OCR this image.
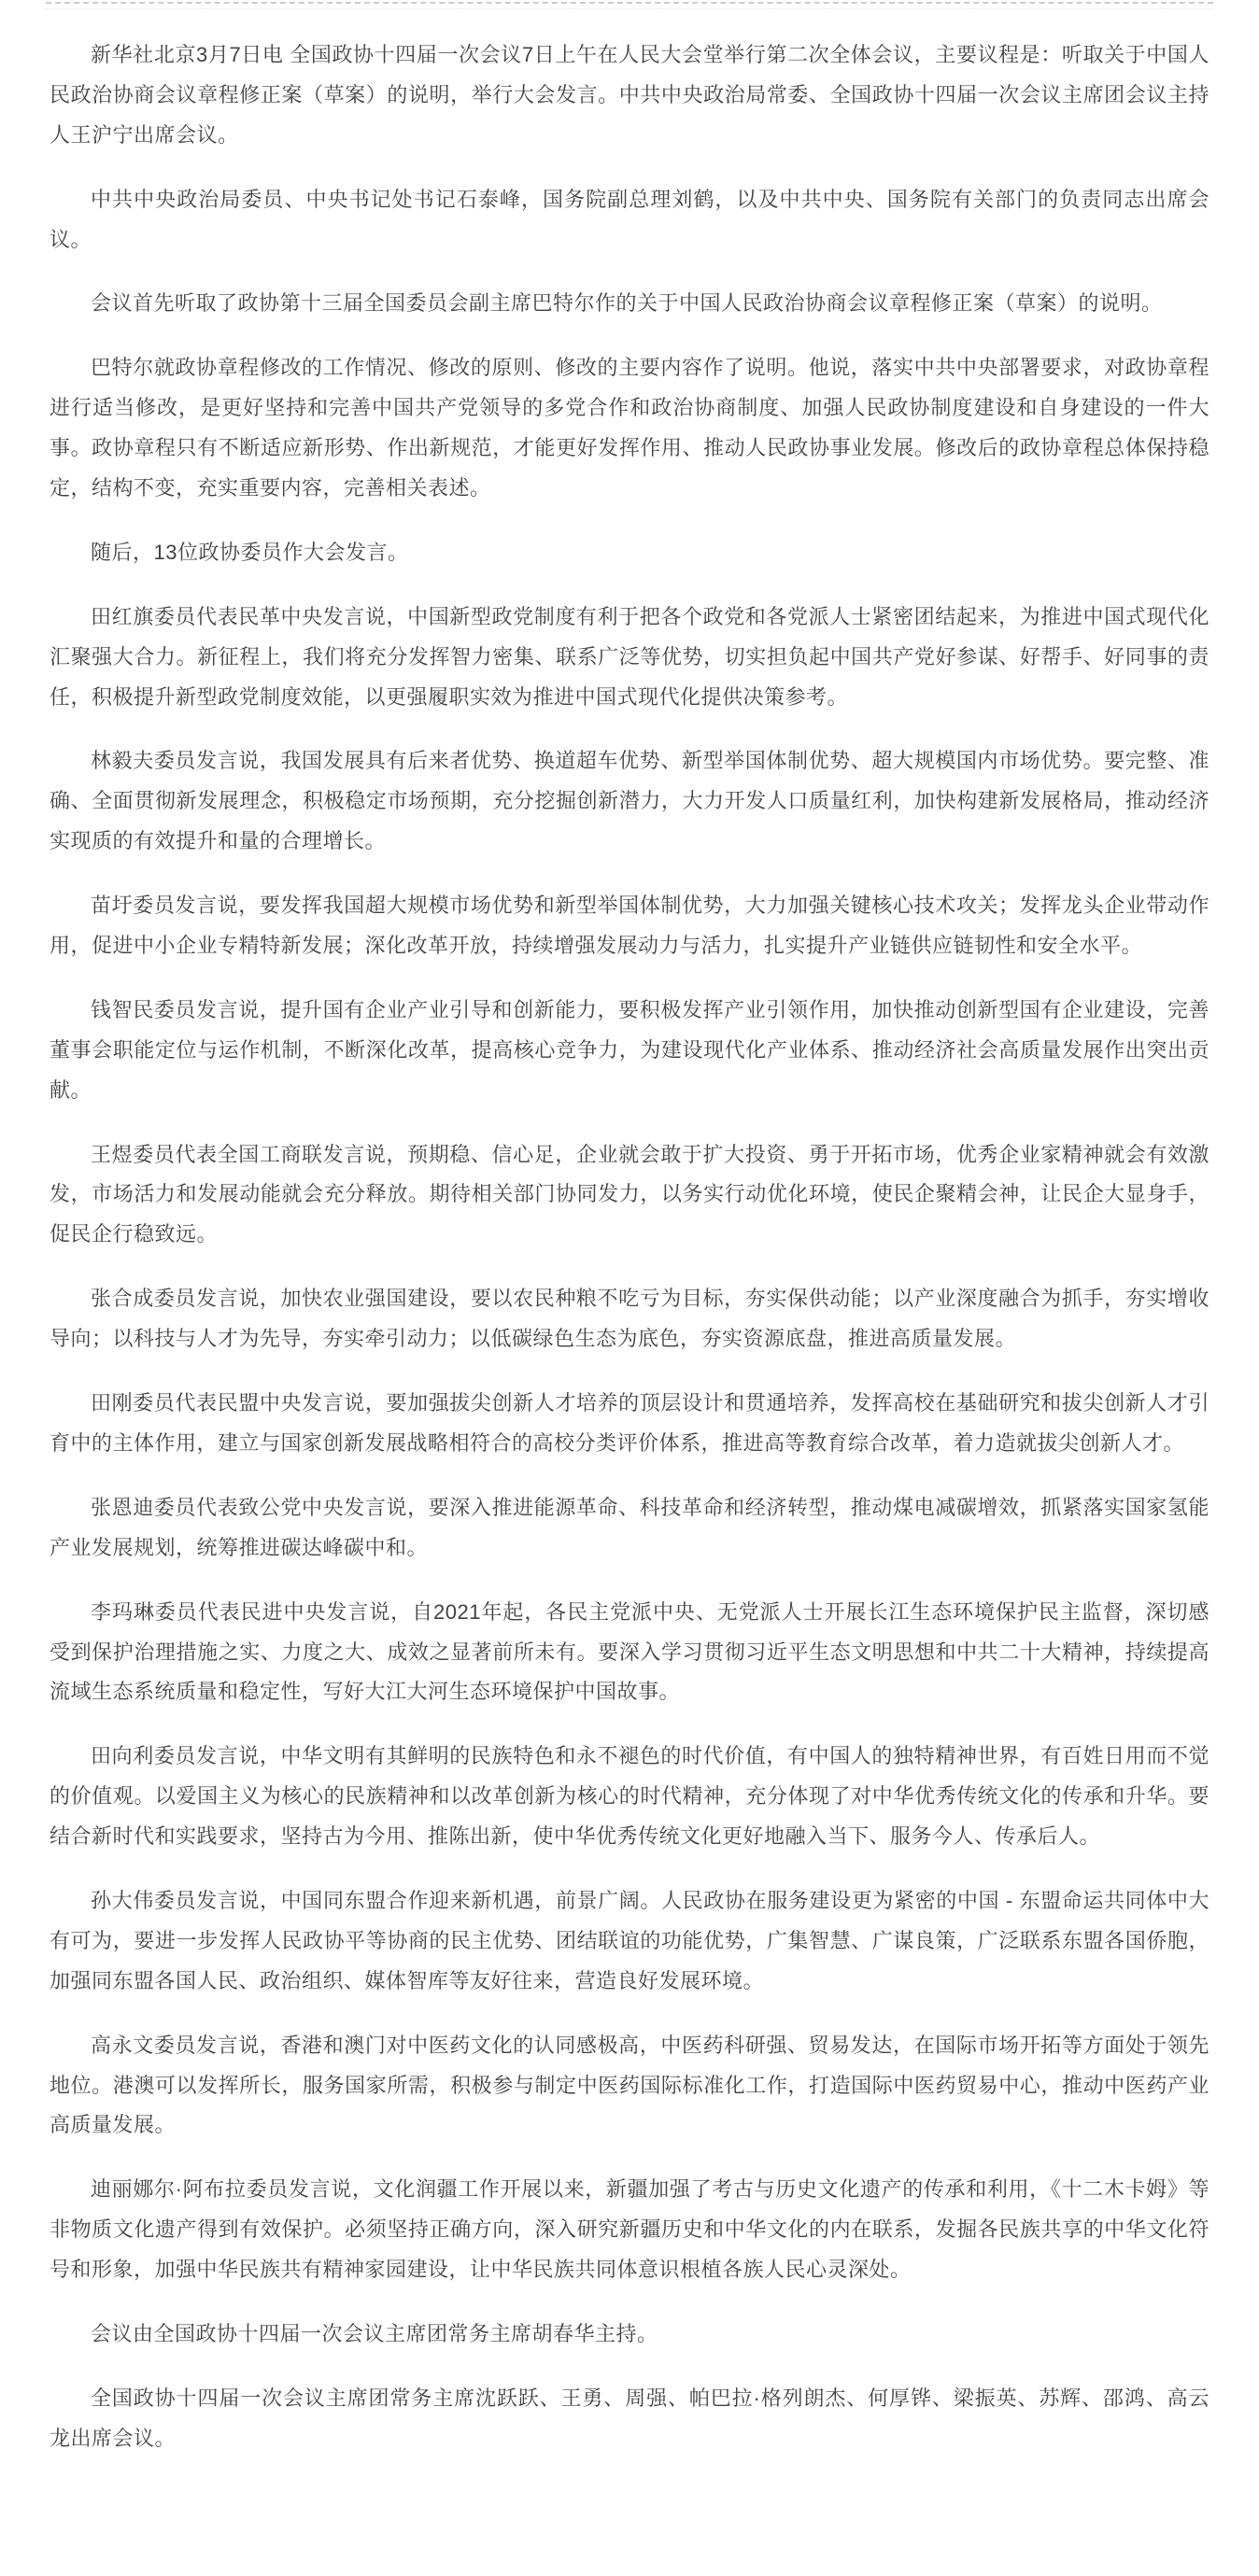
新华社北京3月7日电 全国政协十四届一次会议7日上午在人民大会堂举行第二次全体会议，主要议程是：听取关于中国人民政治协商会议章程修正案（草案）的说明，举行大会发言。中共中央政治局常委、全国政协十四届一次会议主席团会议主持人王沪宁出席会议。

中共中央政治局委员、中央书记处书记石泰峰，国务院副总理刘鹤，以及中共中央、国务院有关部门的负责同志出席会议。

会议首先听取了政协第十三届全国委员会副主席巴特尔作的关于中国人民政治协商会议章程修正案（草案）的说明。

巴特尔就政协章程修改的工作情况、修改的原则、修改的主要内容作了说明。他说，落实中共中央部署要求，对政协章程进行适当修改，是更好坚持和完善中国共产党领导的多党合作和政治协商制度、加强人民政协制度建设和自身建设的一件大事。政协章程只有不断适应新形势、作出新规范，才能更好发挥作用、推动人民政协事业发展。修改后的政协章程总体保持稳定，结构不变，充实重要内容，完善相关表述。

随后，13位政协委员作大会发言。

田红旗委员代表民革中央发言说，中国新型政党制度有利于把各个政党和各党派人士紧密团结起来，为推进中国式现代化汇聚强大合力。新征程上，我们将充分发挥智力密集、联系广泛等优势，切实担负起中国共产党好参谋、好帮手、好同事的责任，积极提升新型政党制度效能，以更强履职实效为推进中国式现代化提供决策参考。

林毅夫委员发言说，我国发展具有后来者优势、换道超车优势、新型举国体制优势、超大规模国内市场优势。要完整、准确、全面贯彻新发展理念，积极稳定市场预期，充分挖掘创新潜力，大力开发人口质量红利，加快构建新发展格局，推动经济实现质的有效提升和量的合理增长。

苗圩委员发言说，要发挥我国超大规模市场优势和新型举国体制优势，大力加强关键核心技术攻关；发挥龙头企业带动作用，促进中小企业专精特新发展；深化改革开放，持续增强发展动力与活力，扎实提升产业链供应链韧性和安全水平。

钱智民委员发言说，提升国有企业产业引导和创新能力，要积极发挥产业引领作用，加快推动创新型国有企业建设，完善董事会职能定位与运作机制，不断深化改革，提高核心竞争力，为建设现代化产业体系、推动经济社会高质量发展作出突出贡献。

王煜委员代表全国工商联发言说，预期稳、信心足，企业就会敢于扩大投资、勇于开拓市场，优秀企业家精神就会有效激发，市场活力和发展动能就会充分释放。期待相关部门协同发力，以务实行动优化环境，使民企聚精会神，让民企大显身手，促民企行稳致远。

张合成委员发言说，加快农业强国建设，要以农民种粮不吃亏为目标，夯实保供动能；以产业深度融合为抓手，夯实增收导向；以科技与人才为先导，夯实牵引动力；以低碳绿色生态为底色，夯实资源底盘，推进高质量发展。

田刚委员代表民盟中央发言说，要加强拔尖创新人才培养的顶层设计和贯通培养，发挥高校在基础研究和拔尖创新人才引育中的主体作用，建立与国家创新发展战略相符合的高校分类评价体系，推进高等教育综合改革，着力造就拔尖创新人才。

张恩迪委员代表致公党中央发言说，要深入推进能源革命、科技革命和经济转型，推动煤电减碳增效，抓紧落实国家氢能产业发展规划，统筹推进碳达峰碳中和。

李玛琳委员代表民进中央发言说，自2021年起，各民主党派中央、无党派人士开展长江生态环境保护民主监督，深切感受到保护治理措施之实、力度之大、成效之显著前所未有。要深入学习贯彻习近平生态文明思想和中共二十大精神，持续提高流域生态系统质量和稳定性，写好大江大河生态环境保护中国故事。

田向利委员发言说，中华文明有其鲜明的民族特色和永不褪色的时代价值，有中国人的独特精神世界，有百姓日用而不觉的价值观。以爱国主义为核心的民族精神和以改革创新为核心的时代精神，充分体现了对中华优秀传统文化的传承和升华。要结合新时代和实践要求，坚持古为今用、推陈出新，使中华优秀传统文化更好地融入当下、服务今人、传承后人。

孙大伟委员发言说，中国同东盟合作迎来新机遇，前景广阔。人民政协在服务建设更为紧密的中国 - 东盟命运共同体中大有可为，要进一步发挥人民政协平等协商的民主优势、团结联谊的功能优势，广集智慧、广谋良策，广泛联系东盟各国侨胞，加强同东盟各国人民、政治组织、媒体智库等友好往来，营造良好发展环境。

高永文委员发言说，香港和澳门对中医药文化的认同感极高，中医药科研强、贸易发达，在国际市场开拓等方面处于领先地位。港澳可以发挥所长，服务国家所需，积极参与制定中医药国际标准化工作，打造国际中医药贸易中心，推动中医药产业高质量发展。

迪丽娜尔·阿布拉委员发言说，文化润疆工作开展以来，新疆加强了考古与历史文化遗产的传承和利用，《十二木卡姆》等非物质文化遗产得到有效保护。必须坚持正确方向，深入研究新疆历史和中华文化的内在联系，发掘各民族共享的中华文化符号和形象，加强中华民族共有精神家园建设，让中华民族共同体意识根植各族人民心灵深处。

会议由全国政协十四届一次会议主席团常务主席胡春华主持。

全国政协十四届一次会议主席团常务主席沈跃跃、王勇、周强、帕巴拉·格列朗杰、何厚铧、梁振英、苏辉、邵鸿、高云龙出席会议。
